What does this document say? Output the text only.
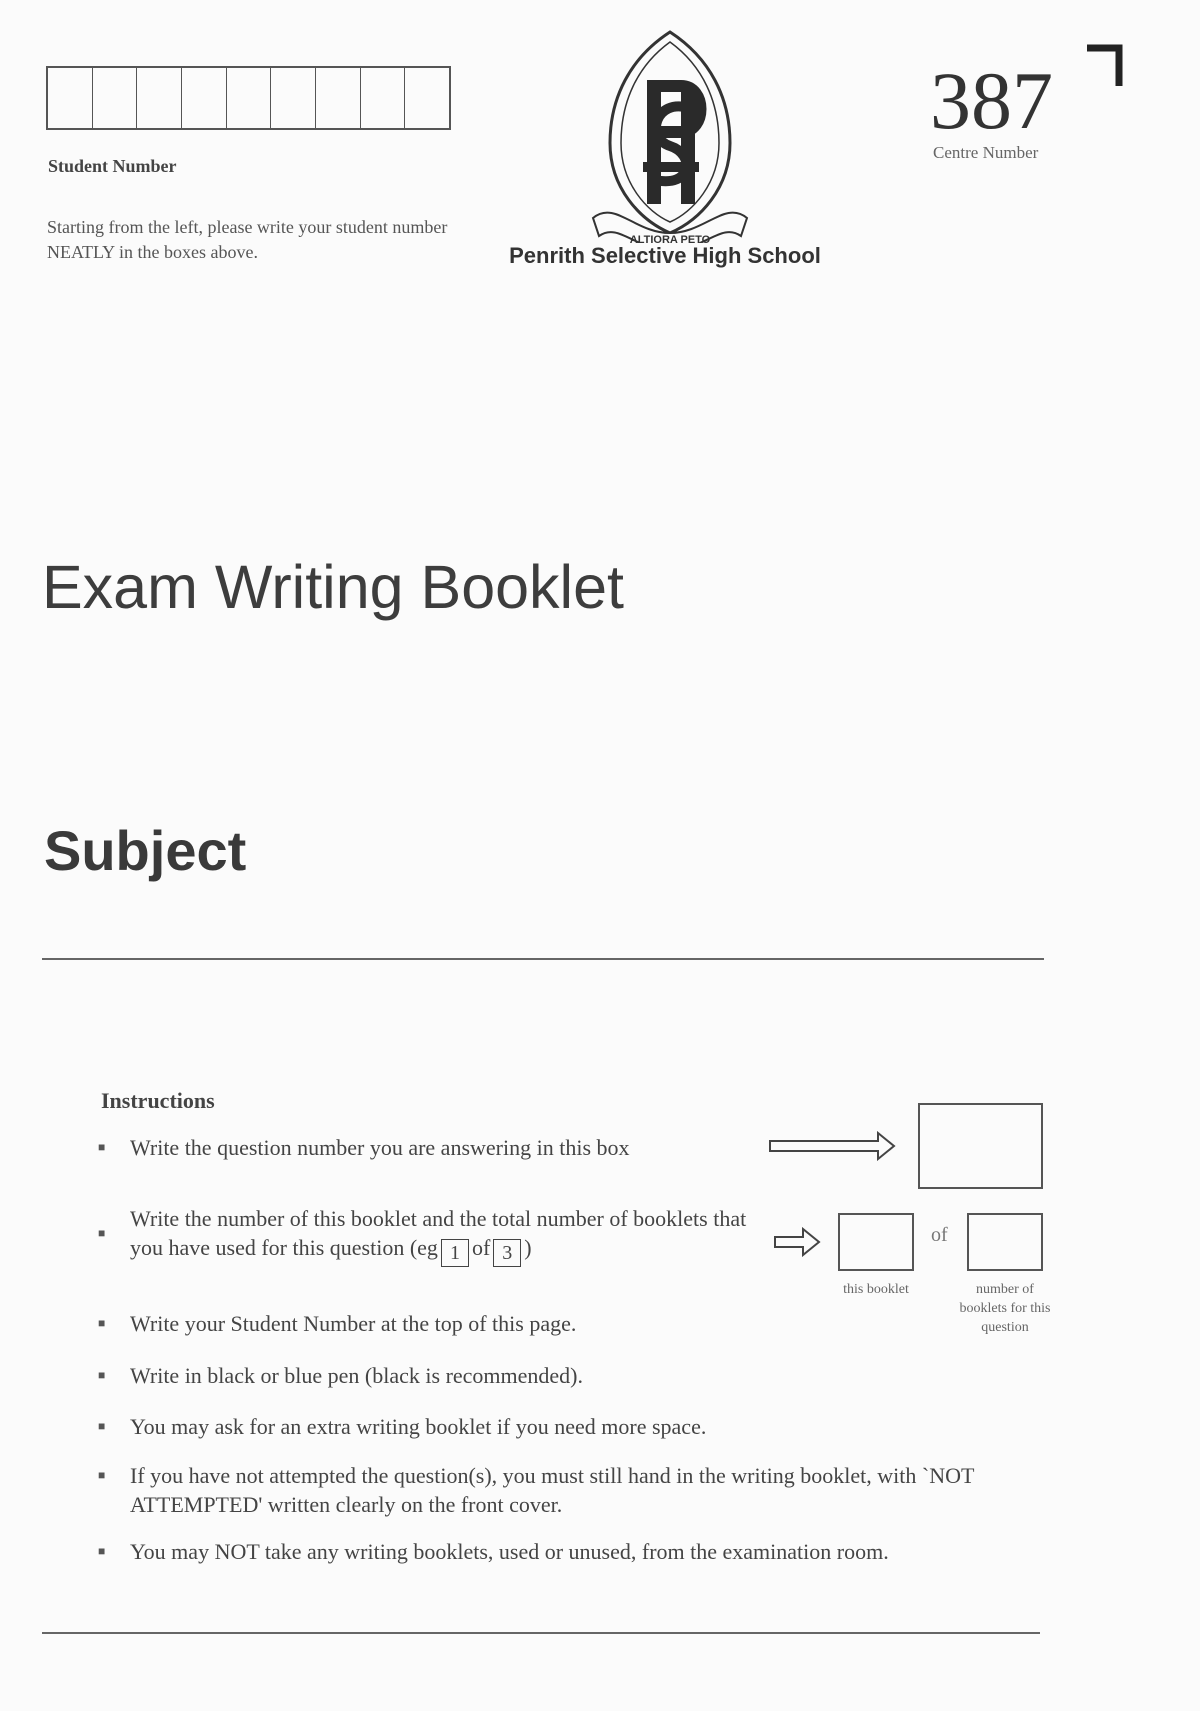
Student Number
Starting from the left, please write your student number NEATLY in the boxes above.
ALTIORA PETO
Penrith Selective High School
387
Centre Number
Exam Writing Booklet
Subject
Instructions
■	Write the question number you are answering in this box
■
Write the number of this booklet and the total number of booklets that you have used for this question (eg 1 of 3 )
■	Write your Student Number at the top of this page.
■	Write in black or blue pen (black is recommended).
■	You may ask for an extra writing booklet if you need more space.
■	If you have not attempted the question(s), you must still hand in the writing booklet, with `NOT ATTEMPTED' written clearly on the front cover.
■	You may NOT take any writing booklets, used or unused, from the examination room.
of
this booklet	number of booklets for this question
